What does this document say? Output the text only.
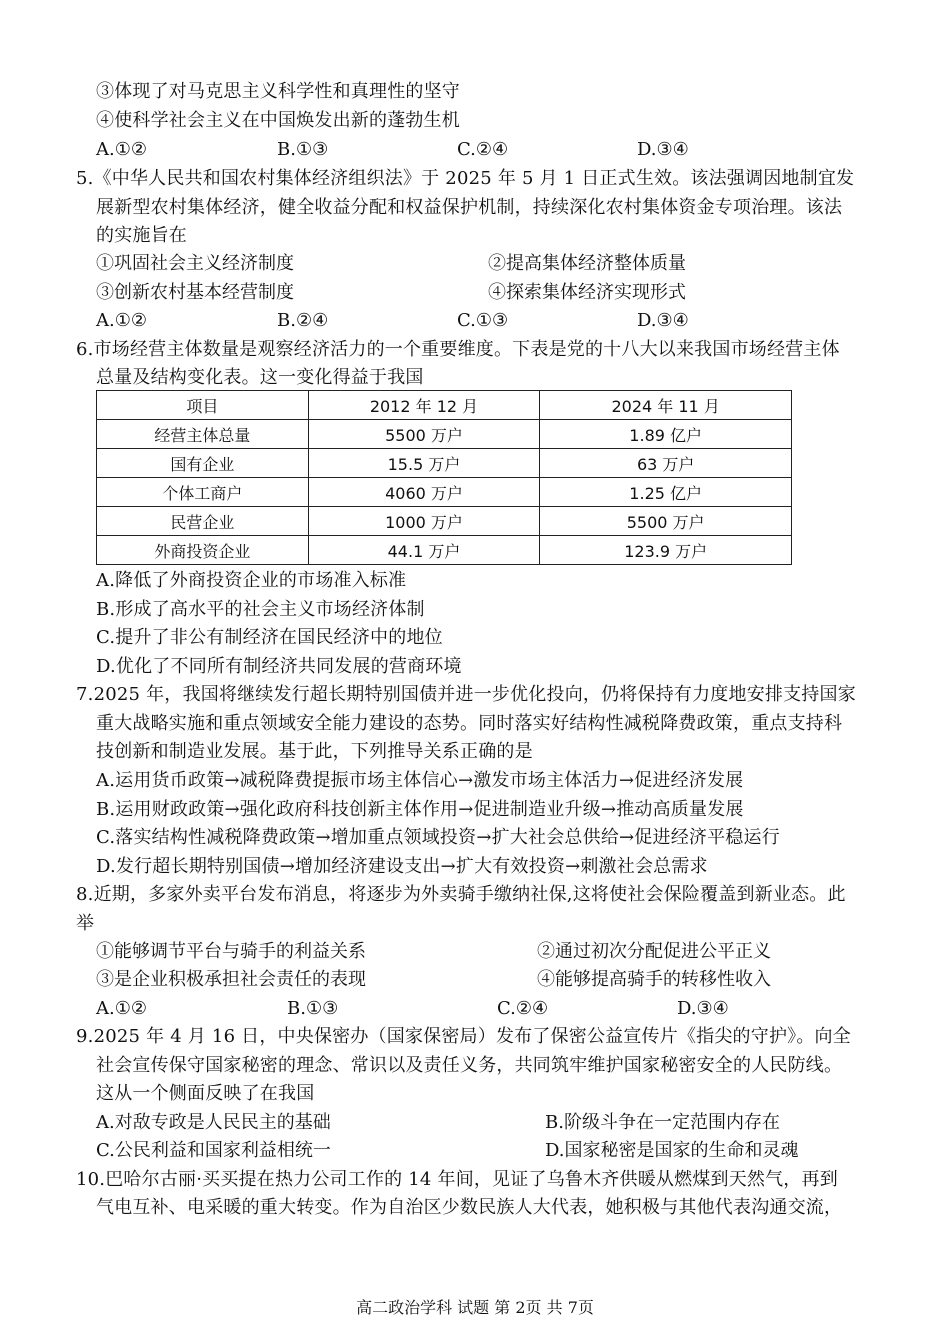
③体现了对马克思主义科学性和真理性的坚守
④使科学社会主义在中国焕发出新的蓬勃生机
A.①②	B.①③	C.②④	D.③④
5.《中华人民共和国农村集体经济组织法》于 2025 年 5 月 1 日正式生效。该法强调因地制宜发
展新型农村集体经济，健全收益分配和权益保护机制，持续深化农村集体资金专项治理。该法
的实施旨在
①巩固社会主义经济制度	②提高集体经济整体质量
③创新农村基本经营制度	④探索集体经济实现形式
A.①②	B.②④	C.①③	D.③④
6.市场经营主体数量是观察经济活力的一个重要维度。下表是党的十八大以来我国市场经营主体
总量及结构变化表。这一变化得益于我国
项目	2012 年 12 月	2024 年 11 月
经营主体总量	5500 万户	1.89 亿户
国有企业	15.5 万户	63 万户
个体工商户	4060 万户	1.25 亿户
民营企业	1000 万户	5500 万户
外商投资企业	44.1 万户	123.9 万户
A.降低了外商投资企业的市场准入标准
B.形成了高水平的社会主义市场经济体制
C.提升了非公有制经济在国民经济中的地位
D.优化了不同所有制经济共同发展的营商环境
7.2025 年，我国将继续发行超长期特别国债并进一步优化投向，仍将保持有力度地安排支持国家
重大战略实施和重点领域安全能力建设的态势。同时落实好结构性减税降费政策，重点支持科
技创新和制造业发展。基于此，下列推导关系正确的是
A.运用货币政策→减税降费提振市场主体信心→激发市场主体活力→促进经济发展
B.运用财政政策→强化政府科技创新主体作用→促进制造业升级→推动高质量发展
C.落实结构性减税降费政策→增加重点领域投资→扩大社会总供给→促进经济平稳运行
D.发行超长期特别国债→增加经济建设支出→扩大有效投资→刺激社会总需求
8.近期，多家外卖平台发布消息，将逐步为外卖骑手缴纳社保,这将使社会保险覆盖到新业态。此
举
①能够调节平台与骑手的利益关系	②通过初次分配促进公平正义
③是企业积极承担社会责任的表现	④能够提高骑手的转移性收入
A.①②	B.①③	C.②④	D.③④
9.2025 年 4 月 16 日，中央保密办（国家保密局）发布了保密公益宣传片《指尖的守护》。向全
社会宣传保守国家秘密的理念、常识以及责任义务，共同筑牢维护国家秘密安全的人民防线。
这从一个侧面反映了在我国
A.对敌专政是人民民主的基础	B.阶级斗争在一定范围内存在
C.公民利益和国家利益相统一	D.国家秘密是国家的生命和灵魂
10.巴哈尔古丽·买买提在热力公司工作的 14 年间，见证了乌鲁木齐供暖从燃煤到天然气，再到
气电互补、电采暖的重大转变。作为自治区少数民族人大代表，她积极与其他代表沟通交流，
高二政治学科 试题 第 2页 共 7页
